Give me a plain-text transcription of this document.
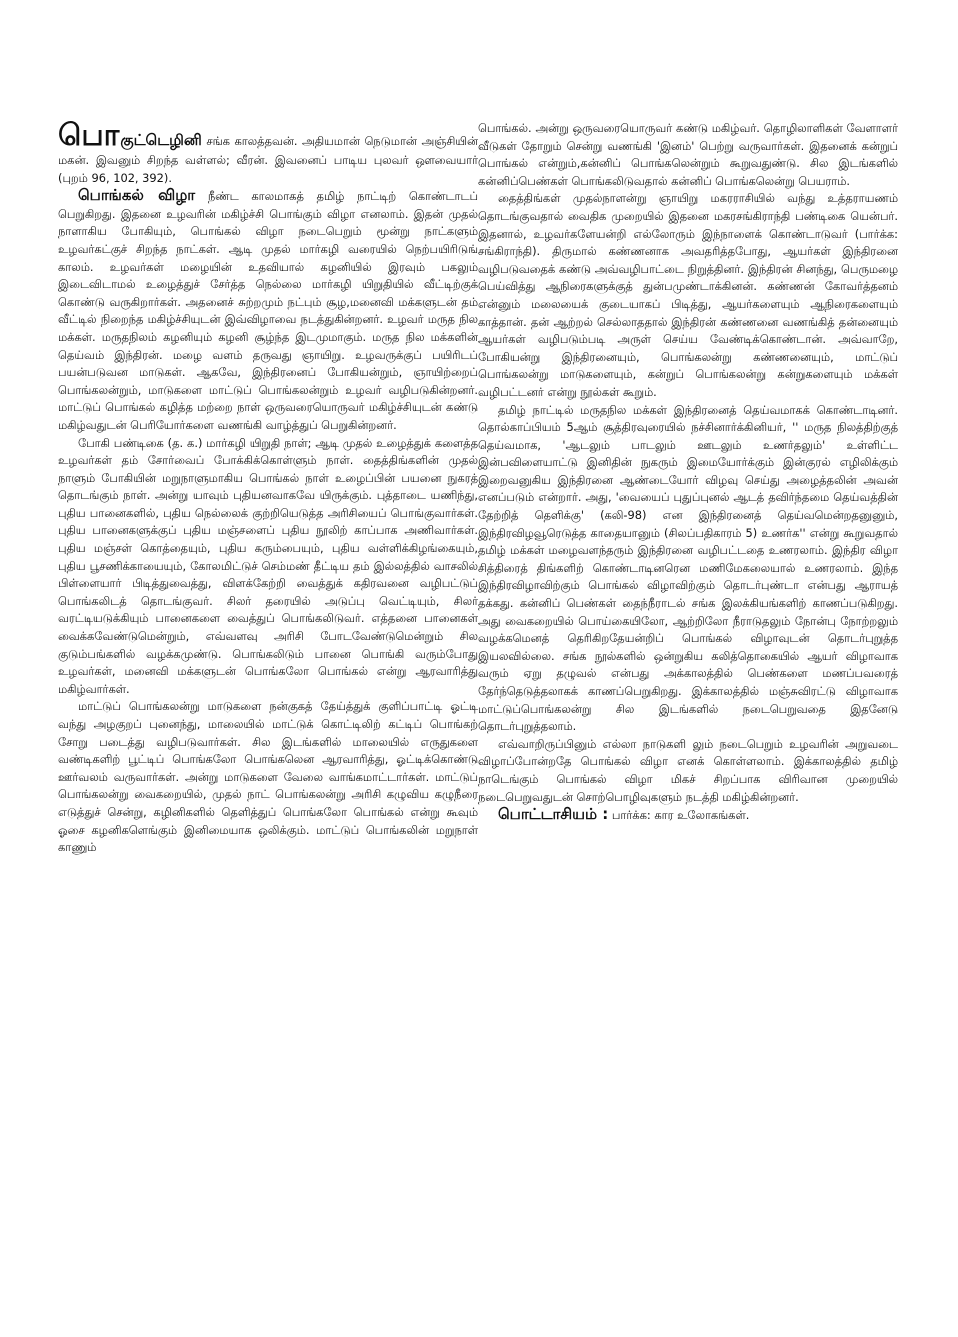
பொகுட்டெழினி சங்க காலத்தவன். அதியமான் நெடுமான் அஞ்சியின் மகன். இவனும் சிறந்த வள்ளல்; வீரன். இவனைப் பாடிய புலவர் ஔவையார் (புறம் 96, 102, 392).

பொங்கல் விழா நீண்ட காலமாகத் தமிழ் நாட்டிற் கொண்டாடப் பெறுகிறது. இதனை உழவரின் மகிழ்ச்சி பொங்கும் விழா எனலாம். இதன் முதல் நாளாகிய போகியும், பொங்கல் விழா நடைபெறும் மூன்று நாட்களும் உழவர்கட்குச் சிறந்த நாட்கள். ஆடி முதல் மார்கழி வரையில் நெற்பயிரிடுங் காலம். உழவர்கள் மழையின் உதவியால் கழனியில் இரவும் பகலும் இடைவிடாமல் உழைத்துச் சேர்த்த நெல்லை மார்கழி யிறுதியில் வீட்டிற்குக் கொண்டு வருகிறார்கள். அதனைச் சுற்றமும் நட்பும் சூழ,மனைவி மக்களுடன் தம் வீட்டில் நிறைந்த மகிழ்ச்சியுடன் இவ்விழாவை நடத்துகின்றனர். உழவர் மருத நில மக்கள். மருதநிலம் கழனியும் கழனி சூழ்ந்த இடமுமாகும். மருத நில மக்களின் தெய்வம் இந்திரன். மழை வளம் தருவது ஞாயிறு. உழவருக்குப் பயிரிடப் பயன்படுவன மாடுகள். ஆகவே, இந்திரனைப் போகியன்றும், ஞாயிற்றைப் பொங்கலன்றும், மாடுகளை மாட்டுப் பொங்கலன்றும் உழவர் வழிபடுகின்றனர். மாட்டுப் பொங்கல் கழித்த மற்றை நாள் ஒருவரையொருவர் மகிழ்ச்சியுடன் கண்டு மகிழ்வதுடன் பெரியோர்களை வணங்கி வாழ்த்துப் பெறுகின்றனர்.

போகி பண்டிகை (த. க.) மார்கழி யிறுதி நாள்; ஆடி முதல் உழைத்துக் களைத்த உழவர்கள் தம் சோர்வைப் போக்கிக்கொள்ளும் நாள். தைத்திங்களின் முதல் நாளும் போகியின் மறுநாளுமாகிய பொங்கல் நாள் உழைப்பின் பயனை நுகரத் தொடங்கும் நாள். அன்று யாவும் புதியனவாகவே யிருக்கும். புத்தாடை யணிந்து, புதிய பானைகளில், புதிய நெல்லைக் குற்றியெடுத்த அரிசியைப் பொங்குவார்கள். புதிய பானைகளுக்குப் புதிய மஞ்சளைப் புதிய நூலிற் காப்பாக அணிவார்கள். புதிய மஞ்சள் கொத்தையும், புதிய கரும்பையும், புதிய வள்ளிக்கிழங்கையும், புதிய பூசணிக்காயையும், கோலமிட்டுச் செம்மண் தீட்டிய தம் இல்லத்தில் வாசலில் பிள்ளையார் பிடித்துவைத்து, விளக்கேற்றி வைத்துக் கதிரவனை வழிபட்டுப் பொங்கலிடத் தொடங்குவர். சிலர் தரையில் அடுப்பு வெட்டியும், சிலர் வரட்டியடுக்கியும் பானைகளை வைத்துப் பொங்கலிடுவர். எத்தனை பானைகள் வைக்கவேண்டுமென்றும், எவ்வளவு அரிசி போடவேண்டுமென்றும் சில குடும்பங்களில் வழக்கமுண்டு. பொங்கலிடும் பானை பொங்கி வரும்போது உழவர்கள், மனைவி மக்களுடன் பொங்கலோ பொங்கல் என்று ஆரவாரித்து மகிழ்வார்கள்.

மாட்டுப் பொங்கலன்று மாடுகளை நன்குகத் தேய்த்துக் குளிப்பாட்டி ஓட்டி வந்து அழகுறப் புனைந்து, மாலையில் மாட்டுக் கொட்டிலிற் கட்டிப் பொங்கற் சோறு படைத்து வழிபடுவார்கள். சில இடங்களில் மாலையில் எருதுகளை வண்டிகளிற் பூட்டிப் பொங்கலோ பொங்கலென ஆரவாரித்து, ஓட்டிக்கொண்டு ஊர்வலம் வருவார்கள். அன்று மாடுகளை வேலை வாங்கமாட்டார்கள். மாட்டுப் பொங்கலன்று வைகறையில், முதல் நாட் பொங்கலன்று அரிசி கழுவிய கழுநீரை எடுத்துச் சென்று, கழினிகளில் தெளித்துப் பொங்கலோ பொங்கல் என்று கூவும் ஓசை கழனிகளெங்கும் இனிமையாக ஒலிக்கும். மாட்டுப் பொங்கலின் மறுநாள் காணும்

பொங்கல். அன்று ஒருவரையொருவர் கண்டு மகிழ்வர். தொழிலாளிகள் வேளாளர் வீடுகள் தோறும் சென்று வணங்கி 'இனம்' பெற்று வருவார்கள். இதனைக் கன்றுப் பொங்கல் என்றும்,கன்னிப் பொங்கலென்றும் கூறுவதுண்டு. சில இடங்களில் கன்னிப்பெண்கள் பொங்கலிடுவதால் கன்னிப் பொங்கலென்று பெயராம்.

தைத்திங்கள் முதல்நாளன்று ஞாயிறு மகரராசியில் வந்து உத்தராயணம் தொடங்குவதால் வைதிக முறையில் இதனை மகரசங்கிராந்தி பண்டிகை யென்பர். இதனால், உழவர்களேயன்றி எல்லோரும் இந்நாளைக் கொண்டாடுவர் (பார்க்க: சங்கிராந்தி). திருமால் கண்ணனாக அவதரித்தபோது, ஆயர்கள் இந்திரனை வழிபடுவதைக் கண்டு அவ்வழிபாட்டை நிறுத்தினர். இந்திரன் சினந்து, பெருமழை பெய்வித்து ஆநிரைகளுக்குத் துன்பமுண்டாக்கினன். கண்ணன் கோவர்த்தனம் என்னும் மலையைக் குடையாகப் பிடித்து, ஆயர்களையும் ஆநிரைகளையும் காத்தான். தன் ஆற்றல் செல்லாததால் இந்திரன் கண்ணனை வணங்கித் தன்னையும் ஆயர்கள் வழிபடும்படி அருள் செய்ய வேண்டிக்கொண்டான். அவ்வாறே, போகியன்று இந்திரனையும், பொங்கலன்று கண்ணனையும், மாட்டுப் பொங்கலன்று மாடுகளையும், கன்றுப் பொங்கலன்று கன்றுகளையும் மக்கள் வழிபட்டனர் என்று நூல்கள் கூறும்.

தமிழ் நாட்டில் மருதநில மக்கள் இந்திரனைத் தெய்வமாகக் கொண்டாடினர். தொல்காப்பியம் 5ஆம் சூத்திரவுரையில் நச்சினார்க்கினியர், '' மருத நிலத்திற்குத் தெய்வமாக, 'ஆடலும் பாடலும் ஊடலும் உணர்தலும்' உள்ளிட்ட இன்பவிளையாட்டு இனிதின் நுகரும் இமையோர்க்கும் இன்குரல் எழிலிக்கும் இறைவனுகிய இந்திரனை ஆண்டையோர் விழவு செய்து அழைத்தலின் அவன் எனப்படும் என்றார். அது, 'வையைப் புதுப்புனல் ஆடத் தவிர்ந்தமை தெய்வத்தின் தேற்றித் தெளிக்கு' (கலி-98) என இந்திரனைத் தெய்வமென்றதனுனும், இந்திரவிழவூரெடுத்த காதையானும் (சிலப்பதிகாரம் 5) உணர்க'' என்று கூறுவதால் தமிழ் மக்கள் மழைவளந்தரும் இந்திரனை வழிபட்டதை உணரலாம். இந்திர விழா சித்திரைத் திங்களிற் கொண்டாடினரென மணிமேகலையால் உணரலாம். இந்த இந்திரவிழாவிற்கும் பொங்கல் விழாவிற்கும் தொடர்புண்டா என்பது ஆராயத் தக்கது. கன்னிப் பெண்கள் தைந்நீராடல் சங்க இலக்கியங்களிற் காணப்படுகிறது. அது வைகறையில் பொய்கையிலோ, ஆற்றிலோ நீராடுதலும் நோன்பு நோற்றலும் வழக்கமெனத் தெரிகிறதேயன்றிப் பொங்கல் விழாவுடன் தொடர்புறுத்த இயலவில்லை. சங்க நூல்களில் ஒன்றுகிய கலித்தொகையில் ஆயர் விழாவாக வரும் ஏறு தழுவல் என்பது அக்காலத்தில் பெண்களை மணப்பவரைத் தேர்ந்தெடுத்தலாகக் காணப்பெறுகிறது. இக்காலத்தில் மஞ்சுவிரட்டு விழாவாக மாட்டுப்பொங்கலன்று சில இடங்களில் நடைபெறுவதை இதனேடு தொடர்புறுத்தலாம்.

எவ்வாறிருப்பினும் எல்லா நாடுகளி லும் நடைபெறும் உழவரின் அறுவடை விழாப்போன்றதே பொங்கல் விழா எனக் கொள்ளலாம். இக்காலத்தில் தமிழ் நாடெங்கும் பொங்கல் விழா மிகச் சிறப்பாக விரிவான முறையில் நடைபெறுவதுடன் சொற்பொழிவுகளும் நடத்தி மகிழ்கின்றனர்.

பொட்டாசியம் : பார்க்க: கார உலோகங்கள்.
